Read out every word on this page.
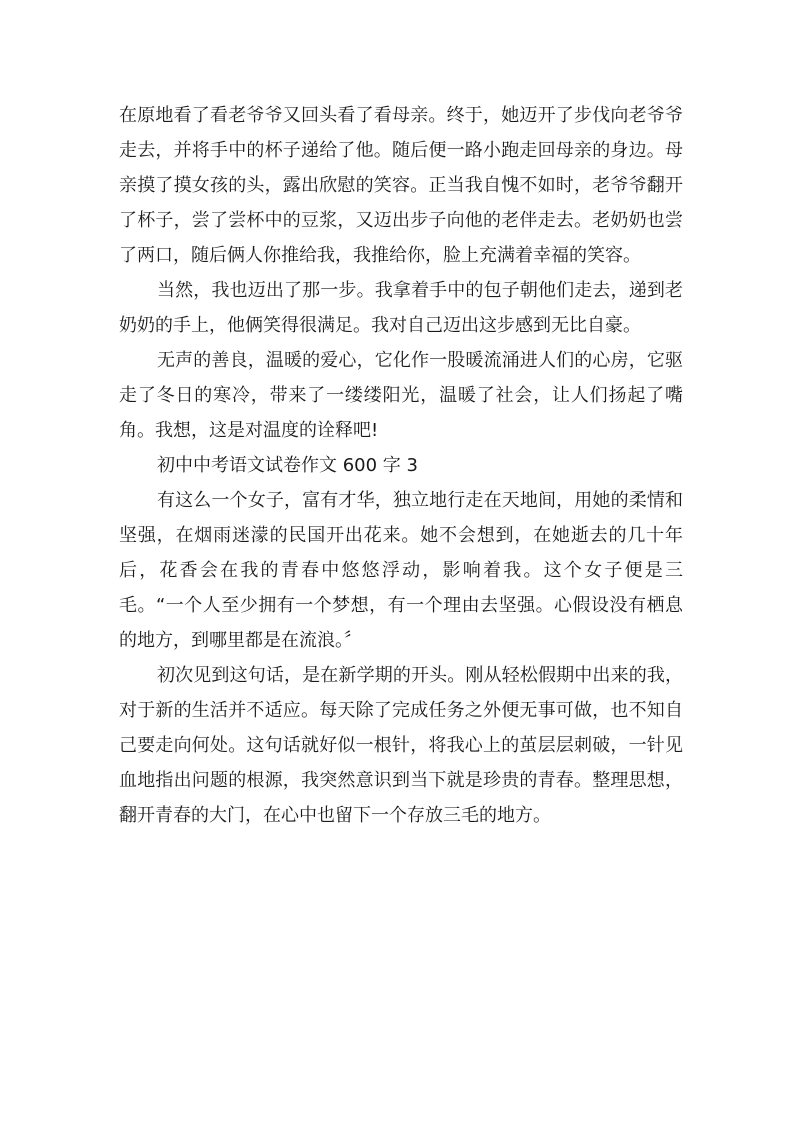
在原地看了看老爷爷又回头看了看母亲。终于，她迈开了步伐向老爷爷走去，并将手中的杯子递给了他。随后便一路小跑走回母亲的身边。母亲摸了摸女孩的头，露出欣慰的笑容。正当我自愧不如时，老爷爷翻开了杯子，尝了尝杯中的豆浆，又迈出步子向他的老伴走去。老奶奶也尝了两口，随后俩人你推给我，我推给你，脸上充满着幸福的笑容。

当然，我也迈出了那一步。我拿着手中的包子朝他们走去，递到老奶奶的手上，他俩笑得很满足。我对自己迈出这步感到无比自豪。

无声的善良，温暖的爱心，它化作一股暖流涌进人们的心房，它驱走了冬日的寒冷，带来了一缕缕阳光，温暖了社会，让人们扬起了嘴角。我想，这是对温度的诠释吧!

初中中考语文试卷作文 600 字 3

有这么一个女子，富有才华，独立地行走在天地间，用她的柔情和坚强，在烟雨迷濛的民国开出花来。她不会想到，在她逝去的几十年后，花香会在我的青春中悠悠浮动，影响着我。这个女子便是三毛。“一个人至少拥有一个梦想，有一个理由去坚强。心假设没有栖息的地方，到哪里都是在流浪。〞

初次见到这句话，是在新学期的开头。刚从轻松假期中出来的我，对于新的生活并不适应。每天除了完成任务之外便无事可做，也不知自己要走向何处。这句话就好似一根针，将我心上的茧层层刺破，一针见血地指出问题的根源，我突然意识到当下就是珍贵的青春。整理思想，翻开青春的大门，在心中也留下一个存放三毛的地方。
